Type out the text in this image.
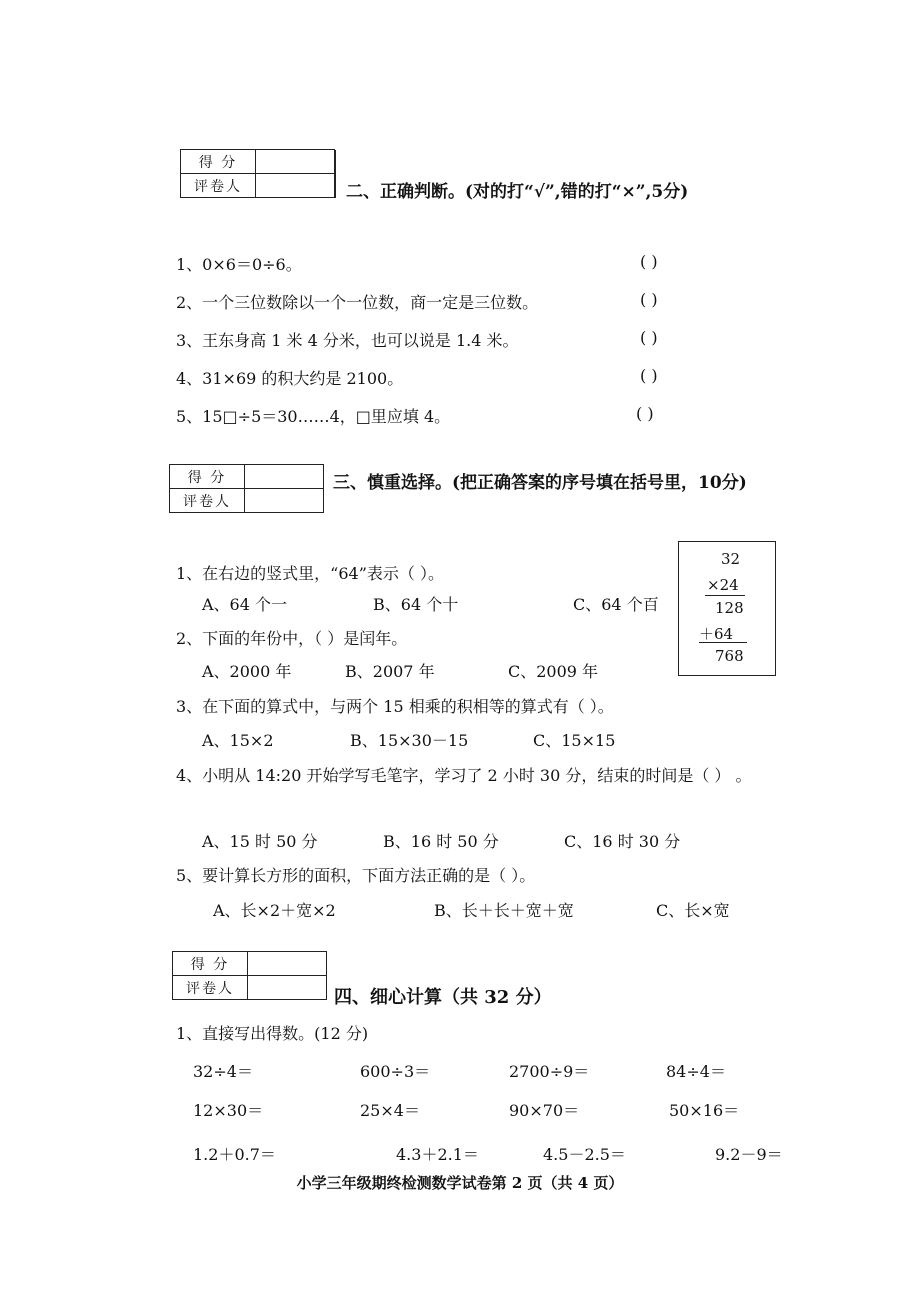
得 分	
评卷人		二、正确判断。(对的打“√”,错的打“×”,5分)
1、0×6＝0÷6。	( )
2、一个三位数除以一个一位数，商一定是三位数。	( )
3、王东身高 1 米 4 分米，也可以说是 1.4 米。	( )
4、31×69 的积大约是 2100。	( )
5、15□÷5＝30……4，□里应填 4。	( )
得 分	
评卷人	
三、慎重选择。(把正确答案的序号填在括号里，10分)
32
×24
128
＋64
768
1、在右边的竖式里，“64”表示（ ）。
A、64 个一	B、64 个十	C、64 个百
2、下面的年份中，（ ）是闰年。
A、2000 年	B、2007 年	C、2009 年
3、在下面的算式中，与两个 15 相乘的积相等的算式有（ ）。
A、15×2	B、15×30－15	C、15×15
4、小明从 14:20 开始学写毛笔字，学习了 2 小时 30 分，结束的时间是（ ） 。
A、15 时 50 分	B、16 时 50 分	C、16 时 30 分
5、要计算长方形的面积，下面方法正确的是（ ）。
A、长×2＋宽×2	B、长＋长＋宽＋宽	C、长×宽
得 分	
评卷人		四、细心计算（共 32 分）
1、直接写出得数。(12 分)
32÷4＝	600÷3＝	2700÷9＝	84÷4＝
12×30＝	25×4＝	90×70＝	50×16＝
1.2＋0.7＝	4.3＋2.1＝	4.5－2.5＝	9.2－9＝
小学三年级期终检测数学试卷第 2 页（共 4 页）
